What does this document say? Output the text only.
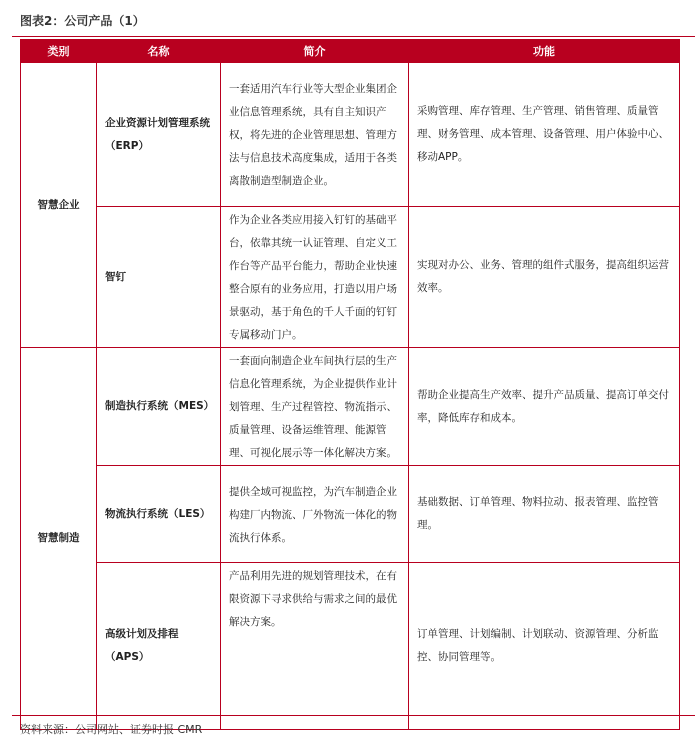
图表2：公司产品（1）
类别	名称	简介	功能
智慧企业	企业资源计划管理系统（ERP）	一套适用汽车行业等大型企业集团企业信息管理系统，具有自主知识产权，将先进的企业管理思想、管理方法与信息技术高度集成，适用于各类离散制造型制造企业。	采购管理、库存管理、生产管理、销售管理、质量管理、财务管理、成本管理、设备管理、用户体验中心、移动APP。
	智钉	作为企业各类应用接入钉钉的基础平台，依靠其统一认证管理、自定义工作台等产品平台能力，帮助企业快速整合原有的业务应用，打造以用户场景驱动，基于角色的千人千面的钉钉专属移动门户。	实现对办公、业务、管理的组件式服务，提高组织运营效率。
智慧制造	制造执行系统（MES）	一套面向制造企业车间执行层的生产信息化管理系统，为企业提供作业计划管理、生产过程管控、物流指示、质量管理、设备运维管理、能源管理、可视化展示等一体化解决方案。	帮助企业提高生产效率、提升产品质量、提高订单交付率，降低库存和成本。
	物流执行系统（LES）	提供全域可视监控，为汽车制造企业构建厂内物流、厂外物流一体化的物流执行体系。	基础数据、订单管理、物料拉动、报表管理、监控管理。
	高级计划及排程（APS）	产品利用先进的规划管理技术，在有限资源下寻求供给与需求之间的最优解决方案。	订单管理、计划编制、计划联动、资源管理、分析监控、协同管理等。
资料来源：公司网站、证券时报 CMR
